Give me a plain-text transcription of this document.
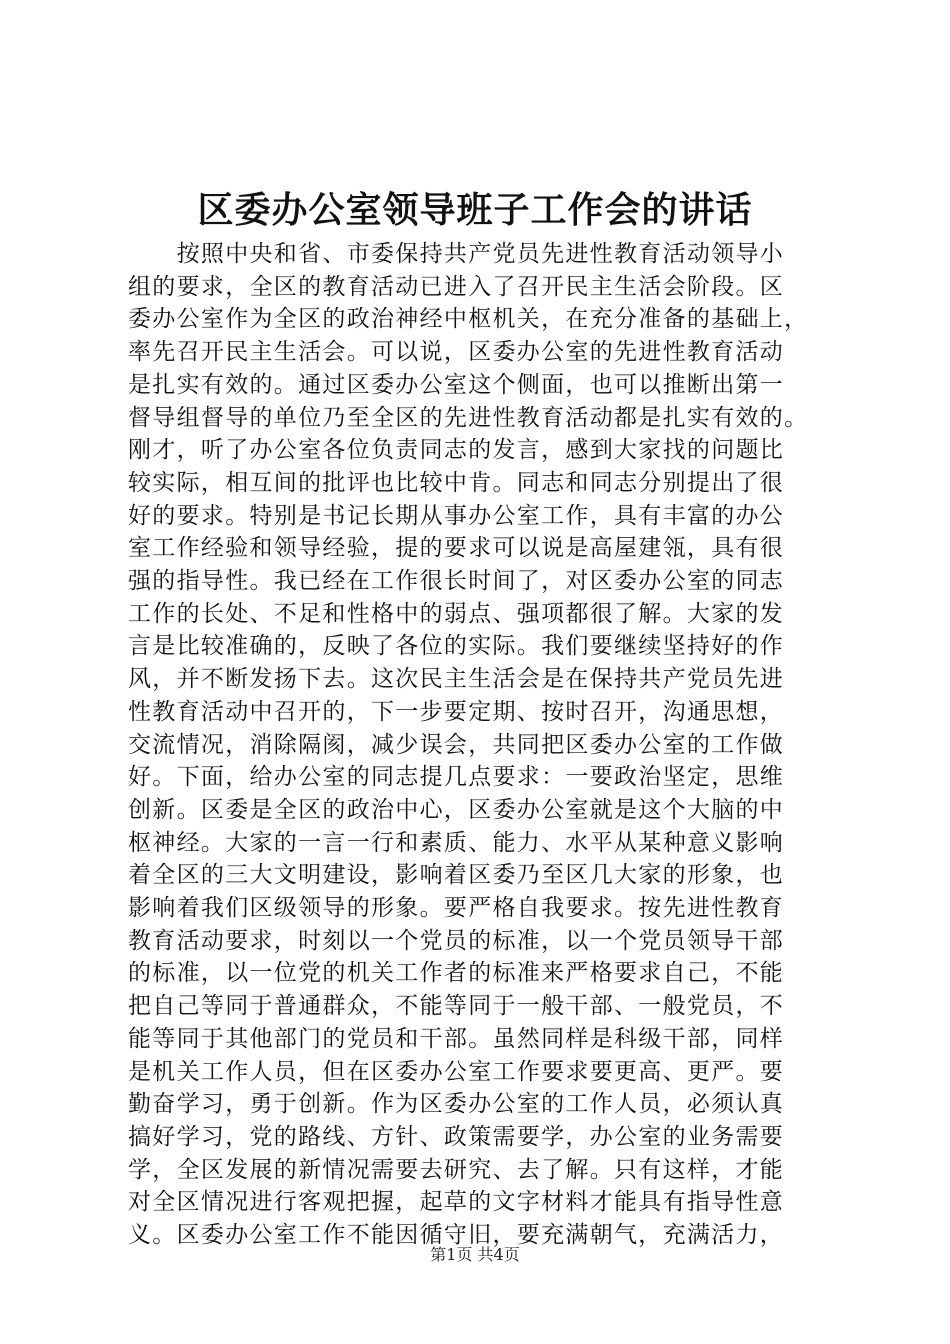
区委办公室领导班子工作会的讲话
　　按照中央和省、市委保持共产党员先进性教育活动领导小
组的要求，全区的教育活动已进入了召开民主生活会阶段。区
委办公室作为全区的政治神经中枢机关，在充分准备的基础上，
率先召开民主生活会。可以说，区委办公室的先进性教育活动
是扎实有效的。通过区委办公室这个侧面，也可以推断出第一
督导组督导的单位乃至全区的先进性教育活动都是扎实有效的。
刚才，听了办公室各位负责同志的发言，感到大家找的问题比
较实际，相互间的批评也比较中肯。同志和同志分别提出了很
好的要求。特别是书记长期从事办公室工作，具有丰富的办公
室工作经验和领导经验，提的要求可以说是高屋建瓴，具有很
强的指导性。我已经在工作很长时间了，对区委办公室的同志
工作的长处、不足和性格中的弱点、强项都很了解。大家的发
言是比较准确的，反映了各位的实际。我们要继续坚持好的作
风，并不断发扬下去。这次民主生活会是在保持共产党员先进
性教育活动中召开的，下一步要定期、按时召开，沟通思想，
交流情况，消除隔阂，减少误会，共同把区委办公室的工作做
好。下面，给办公室的同志提几点要求：一要政治坚定，思维
创新。区委是全区的政治中心，区委办公室就是这个大脑的中
枢神经。大家的一言一行和素质、能力、水平从某种意义影响
着全区的三大文明建设，影响着区委乃至区几大家的形象，也
影响着我们区级领导的形象。要严格自我要求。按先进性教育
教育活动要求，时刻以一个党员的标准，以一个党员领导干部
的标准，以一位党的机关工作者的标准来严格要求自己，不能
把自己等同于普通群众，不能等同于一般干部、一般党员，不
能等同于其他部门的党员和干部。虽然同样是科级干部，同样
是机关工作人员，但在区委办公室工作要求要更高、更严。要
勤奋学习，勇于创新。作为区委办公室的工作人员，必须认真
搞好学习，党的路线、方针、政策需要学，办公室的业务需要
学，全区发展的新情况需要去研究、去了解。只有这样，才能
对全区情况进行客观把握，起草的文字材料才能具有指导性意
义。区委办公室工作不能因循守旧，要充满朝气，充满活力，
第1页 共4页
